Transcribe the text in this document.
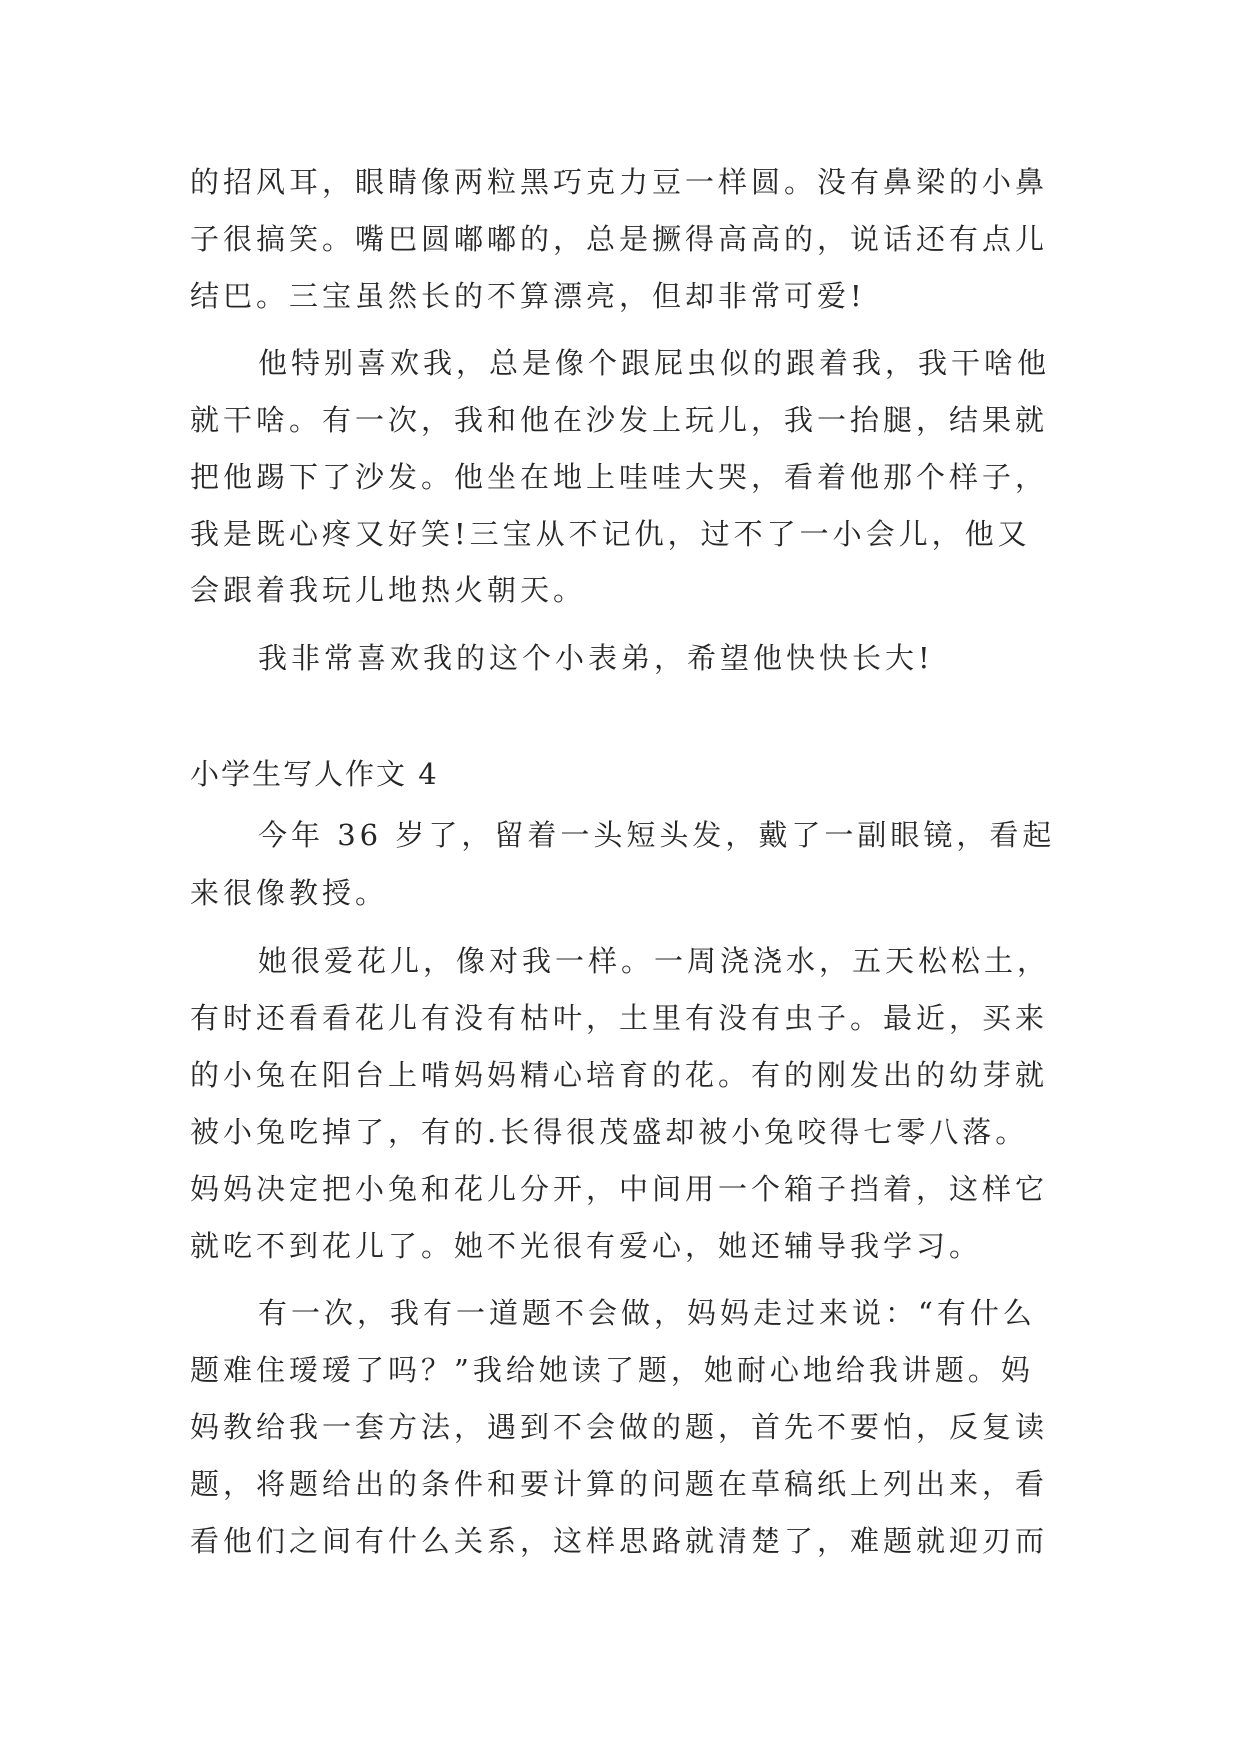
的招风耳，眼睛像两粒黑巧克力豆一样圆。没有鼻梁的小鼻
子很搞笑。嘴巴圆嘟嘟的，总是撅得高高的，说话还有点儿
结巴。三宝虽然长的不算漂亮，但却非常可爱!
他特别喜欢我，总是像个跟屁虫似的跟着我，我干啥他
就干啥。有一次，我和他在沙发上玩儿，我一抬腿，结果就
把他踢下了沙发。他坐在地上哇哇大哭，看着他那个样子，
我是既心疼又好笑!三宝从不记仇，过不了一小会儿，他又
会跟着我玩儿地热火朝天。
我非常喜欢我的这个小表弟，希望他快快长大!
小学生写人作文 4
今年 36 岁了，留着一头短头发，戴了一副眼镜，看起
来很像教授。
她很爱花儿，像对我一样。一周浇浇水，五天松松土，
有时还看看花儿有没有枯叶，土里有没有虫子。最近，买来
的小兔在阳台上啃妈妈精心培育的花。有的刚发出的幼芽就
被小兔吃掉了，有的.长得很茂盛却被小兔咬得七零八落。
妈妈决定把小兔和花儿分开，中间用一个箱子挡着，这样它
就吃不到花儿了。她不光很有爱心，她还辅导我学习。
有一次，我有一道题不会做，妈妈走过来说：“有什么
题难住瑷瑷了吗？”我给她读了题，她耐心地给我讲题。妈
妈教给我一套方法，遇到不会做的题，首先不要怕，反复读
题，将题给出的条件和要计算的问题在草稿纸上列出来，看
看他们之间有什么关系，这样思路就清楚了，难题就迎刃而
